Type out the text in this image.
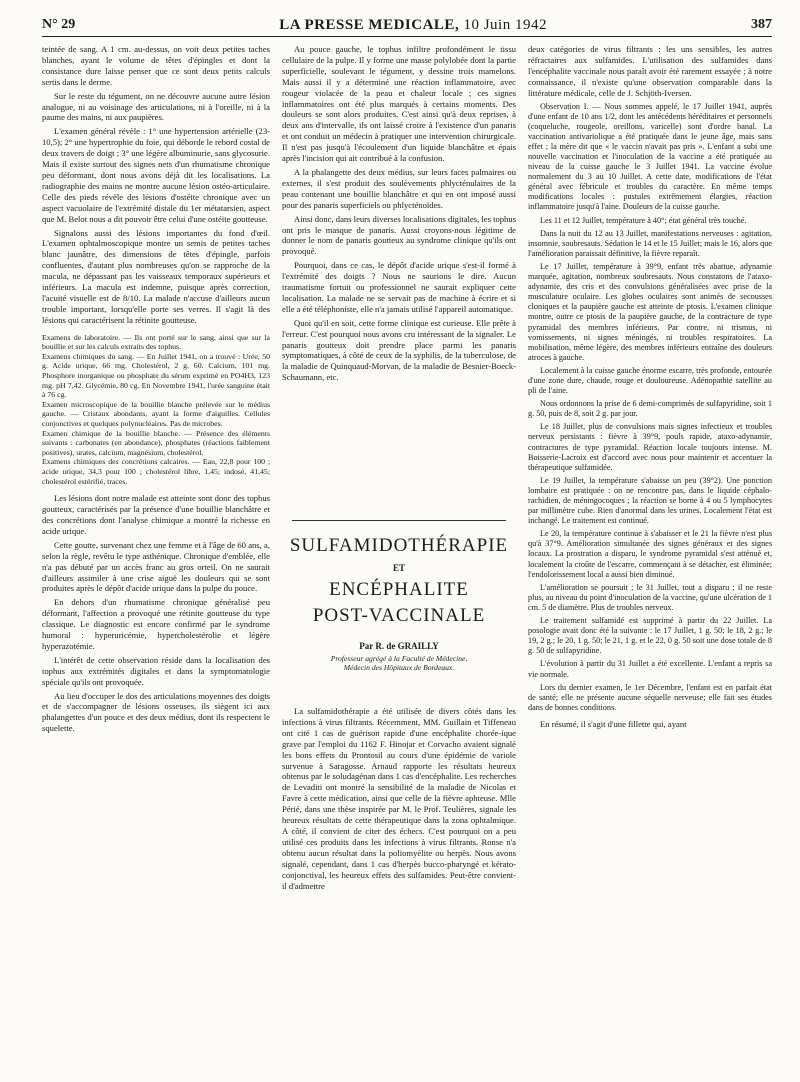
N° 29	LA PRESSE MEDICALE, 10 Juin 1942	387

teintée de sang. A 1 cm. au-dessus, on voit deux petites taches blanches, ayant le volume de têtes d'épingles et dont la consistance dure laisse penser que ce sont deux petits calculs sertis dans le derme.

Sur le reste du tégument, on ne découvre aucune autre lésion analogue, ni au voisinage des articulations, ni à l'oreille, ni à la paume des mains, ni aux paupières.

L'examen général révèle : 1° une hypertension artérielle (23-10,5); 2° une hypertrophie du foie, qui déborde le rebord costal de deux travers de doigt ; 3° une légère albuminurie, sans glycosurie. Mais il existe surtout des signes nets d'un rhumatisme chronique peu déformant, dont nous avons déjà dit les localisations. La radiographie des mains ne montre aucune lésion ostéo-articulaire. Celle des pieds révèle des lésions d'ostéite chronique avec un aspect vacuolaire de l'extrémité distale du 1er métatarsien, aspect que M. Belot nous a dit pouvoir être celui d'une ostéite goutteuse.

Signalons aussi des lésions importantes du fond d'œil. L'examen ophtalmoscopique montre un semis de petites taches blanc jaunâtre, des dimensions de têtes d'épingle, parfois confluentes, d'autant plus nombreuses qu'on se rapproche de la macula, ne dépassant pas les vaisseaux temporaux supérieurs et inférieurs. La macula est indemne, puisque après correction, l'acuité visuelle est de 8/10. La malade n'accuse d'ailleurs aucun trouble important, lorsqu'elle porte ses verres. Il s'agit là des lésions qui caractérisent la rétinite goutteuse.

Examens de laboratoire. — Ils ont porté sur le sang, ainsi que sur la bouillie et sur les calculs extraits des tophus.

Examens chimiques du sang. — En Juillet 1941, on a trouvé : Urée, 50 g. Acide urique, 66 mg. Cholestérol, 2 g. 60. Calcium, 101 mg. Phosphore inorganique ou phosphate du sérum exprimé en PO4H3, 123 mg. pH 7,42. Glycémie, 80 cg. En Novembre 1941, l'urée sanguine était à 76 cg.

Examen microscopique de la bouillie blanche prélevée sur le médius gauche. — Cristaux abondants, ayant la forme d'aiguilles. Cellules conjonctives et quelques polynucléaires. Pas de microbes.

Examen chimique de la bouillie blanche. — Présence des éléments suivants : carbonates (en abondance), phosphates (réactions faiblement positives), urates, calcium, magnésium, cholestérol.

Examens chimiques des concrétions calcaires. — Eau, 22,8 pour 100 ; acide urique, 34,3 pour 100 ; cholestérol libre, 1,45; indosé, 41,45; cholestérol estérifié, traces.

Les lésions dont notre malade est atteinte sont donc des tophus goutteux, caractérisés par la présence d'une bouillie blanchâtre et des concrétions dont l'analyse chimique a montré la richesse en acide urique.

Cette goutte, survenant chez une femme et à l'âge de 60 ans, a, selon la règle, revêtu le type asthénique. Chronique d'emblée, elle n'a pas débuté par un accès franc au gros orteil. On ne saurait d'ailleurs assimiler à une crise aiguë les douleurs qui se sont produites après le dépôt d'acide urique dans la pulpe du pouce.

En dehors d'un rhumatisme chronique généralisé peu déformant, l'affection a provoqué une rétinite goutteuse du type classique. Le diagnostic est encore confirmé par le syndrome humoral : hyperuricémie, hypercholestérolie et légère hyperazotémie.

L'intérêt de cette observation réside dans la localisation des tophus aux extrémités digitales et dans la symptomatologie spéciale qu'ils ont provoquée.

Au lieu d'occuper le dos des articulations moyennes des doigts et de s'accompagner de lésions osseuses, ils siègent ici aux phalangettes d'un pouce et des deux médius, dont ils respectent le squelette.

Au pouce gauche, le tophus infiltre profondément le tissu cellulaire de la pulpe. Il y forme une masse polylobée dont la partie superficielle, soulevant le tégument, y dessine trois mamelons. Mais aussi il y a déterminé une réaction inflammatoire, avec rougeur violacée de la peau et chaleur locale ; ces signes inflammatoires ont été plus marqués à certains moments. Des douleurs se sont alors produites. C'est ainsi qu'à deux reprises, à deux ans d'intervalle, ils ont laissé croire à l'existence d'un panaris et ont conduit un médecin à pratiquer une intervention chirurgicale. Il n'est pas jusqu'à l'écoulement d'un liquide blanchâtre et épais après l'incision qui ait contribué à la confusion.

A la phalangette des deux médius, sur leurs faces palmaires ou externes, il s'est produit des soulèvements phlycténulaires de la peau contenant une bouillie blanchâtre et qui en ont imposé aussi pour des panaris superficiels ou phlycténoïdes.

Ainsi donc, dans leurs diverses localisations digitales, les tophus ont pris le masque de panaris. Aussi croyons-nous légitime de donner le nom de panaris goutteux au syndrome clinique qu'ils ont provoqué.

Pourquoi, dans ce cas, le dépôt d'acide urique s'est-il formé à l'extrémité des doigts ? Nous ne saurions le dire. Aucun traumatisme fortuit ou professionnel ne saurait expliquer cette localisation. La malade ne se servait pas de machine à écrire et si elle a été téléphoniste, elle n'a jamais utilisé l'appareil automatique.

Quoi qu'il en soit, cette forme clinique est curieuse. Elle prête à l'erreur. C'est pourquoi nous avons cru intéressant de la signaler. Le panaris goutteux doit prendre place parmi les panaris symptomatiques, à côté de ceux de la syphilis, de la tuberculose, de la maladie de Quinquaud-Morvan, de la maladie de Besnier-Boeck-Schaumann, etc.

SULFAMIDOTHÉRAPIE
ET
ENCÉPHALITE
POST-VACCINALE
Par R. de GRAILLY
Professeur agrégé à la Faculté de Médecine,
Médecin des Hôpitaux de Bordeaux.

La sulfamidothérapie a été utilisée de divers côtés dans les infections à virus filtrants. Récemment, MM. Guillain et Tiffeneau ont cité 1 cas de guérison rapide d'une encéphalite chorée-ique grave par l'emploi du 1162 F. Hinojar et Corvacho avaient signalé les bons effets du Prontosil au cours d'une épidémie de variole survenue à Saragosse. Arnaud rapporte les résultats heureux obtenus par le soludagénan dans 1 cas d'encéphalite. Les recherches de Levaditi ont montré la sensibilité de la maladie de Nicolas et Favre à cette médication, ainsi que celle de la fièvre aphteuse. Mlle Périé, dans une thèse inspirée par M. le Prof. Teulières, signale les heureux résultats de cette thérapeutique dans la zona ophtalmique. A côté, il convient de citer des échecs. C'est pourquoi on a peu utilisé ces produits dans les infections à virus filtrants. Ronse n'a obtenu aucun résultat dans la poliomyélite ou herpès. Nous avons signalé, cependant, dans 1 cas d'herpès bucco-pharyngé et kérato-conjonctival, les heureux effets des sulfamides. Peut-être convient-il d'admettre

deux catégories de virus filtrants : les uns sensibles, les autres réfractaires aux sulfamides. L'utilisation des sulfamides dans l'encéphalite vaccinale nous paraît avoir été rarement essayée ; à notre connaissance, il n'existe qu'une observation comparable dans la littérature médicale, celle de J. Schjöth-Iversen.

Observation I. — Nous sommes appelé, le 17 Juillet 1941, auprès d'une enfant de 10 ans 1/2, dont les antécédents héréditaires et personnels (coqueluche, rougeole, oreillons, varicelle) sont d'ordre banal. La vaccination antivariolique a été pratiquée dans le jeune âge, mais sans effet ; la mère dit que « le vaccin n'avait pas pris ». L'enfant a subi une nouvelle vaccination et l'inoculation de la vaccine a été pratiquée au niveau de la cuisse gauche le 3 Juillet 1941. La vaccine évolue normalement du 3 au 10 Juillet. A cette date, modifications de l'état général avec fébricule et troubles du caractère. En même temps modifications locales : pustules extrêmement élargies, réaction inflammatoire jusqu'à l'aine. Douleurs de la cuisse gauche.

Les 11 et 12 Juillet, température à 40°; état général très touché.

Dans la nuit du 12 au 13 Juillet, manifestations nerveuses : agitation, insomnie, soubresauts. Sédation le 14 et le 15 Juillet; mais le 16, alors que l'amélioration paraissait définitive, la fièvre reparaît.

Le 17 Juillet, température à 39°9, enfant très abattue, adynamie marquée, agitation, nombreux soubresauts. Nous constatons de l'ataxo-adynamie, des cris et des convulsions généralisées avec prise de la musculature oculaire. Les globes oculaires sont animés de secousses cloniques et la paupière gauche est atteinte de ptosis. L'examen clinique montre, outre ce ptosis de la paupière gauche, de la contracture de type pyramidal des membres inférieurs. Par contre, ni trismus, ni vomissements, ni signes méningés, ni troubles respiratoires. La mobilisation, même légère, des membres inférieurs entraîne des douleurs atroces à gauche.

Localement à la cuisse gauche énorme escarre, très profonde, entourée d'une zone dure, chaude, rouge et douloureuse. Adénopathie satellite au pli de l'aine.

Nous ordonnons la prise de 6 demi-comprimés de sulfapyridine, soit 1 g. 50, puis de 8, soit 2 g. par jour.

Le 18 Juillet, plus de convulsions mais signes infectieux et troubles nerveux persistants : fièvre à 39°9, pouls rapide, ataxo-adynamie, contractures de type pyramidal. Réaction locale toujours intense. M. Boisserie-Lacroix est d'accord avec nous pour maintenir et accentuer la thérapeutique sulfamidée.

Le 19 Juillet, la température s'abaisse un peu (39°2). Une ponction lombaire est pratiquée : on ne rencontre pas, dans le liquide céphalo-rachidien, de méningocoques ; la réaction se borne à 4 ou 5 lymphocytes par millimètre cube. Rien d'anormal dans les urines. Localement l'état est inchangé. Le traitement est continué.

Le 20, la température continue à s'abaisser et le 21 la fièvre n'est plus qu'à 37°9. Amélioration simultanée des signes généraux et des signes locaux. La prostration a disparu, le syndrome pyramidal s'est atténué et, localement la croûte de l'escarre, commençant à se détacher, est éliminée; l'endolorissement local a aussi bien diminué.

L'amélioration se poursuit ; le 31 Juillet, tout a disparu ; il ne reste plus, au niveau du point d'inoculation de la vaccine, qu'une ulcération de 1 cm. 5 de diamètre. Plus de troubles nerveux.

Le traitement sulfamidé est supprimé à partir du 22 Juillet. La posologie avait donc été la suivante : le 17 Juillet, 1 g. 50; le 18, 2 g.; le 19, 2 g.; le 20, 1 g. 50; le 21, 1 g. et le 22, 0 g. 50 soit une dose totale de 8 g. 50 de sulfapyridine.

L'évolution à partir du 31 Juillet a été excellente. L'enfant a repris sa vie normale.

Lors du dernier examen, le 1er Décembre, l'enfant est en parfait état de santé; elle ne présente aucune séquelle nerveuse; elle fait ses études dans de bonnes conditions.

En résumé, il s'agit d'une fillette qui, ayant
